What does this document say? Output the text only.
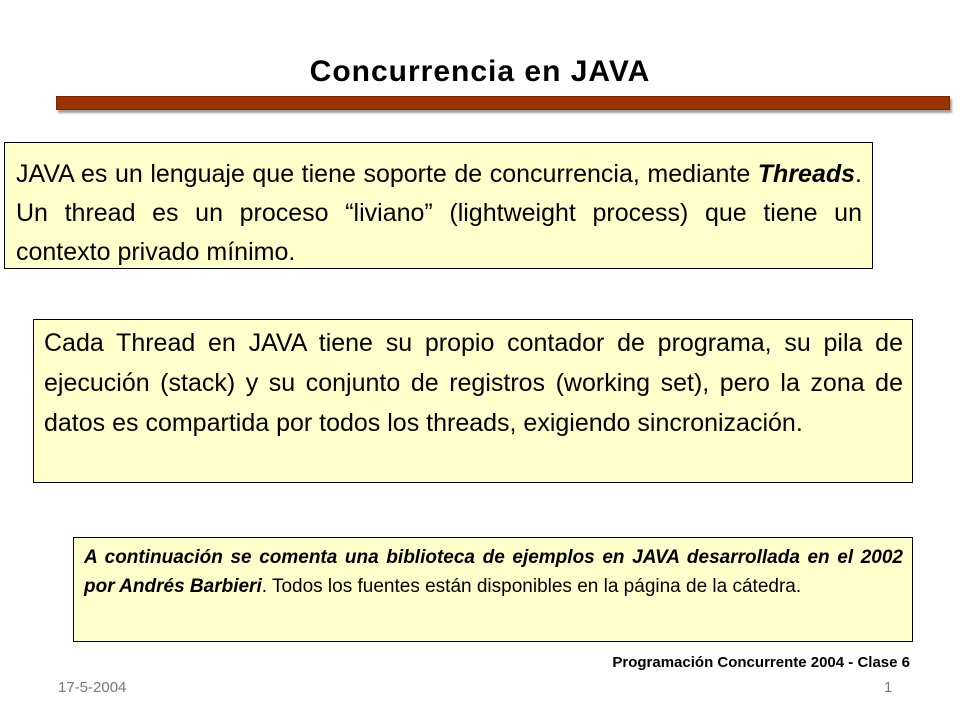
Concurrencia en JAVA
JAVA es un lenguaje que tiene soporte de concurrencia, mediante Threads. Un thread es un proceso “liviano” (lightweight process) que tiene un contexto privado mínimo.
Cada Thread en JAVA tiene su propio contador de programa, su pila de ejecución (stack) y su conjunto de registros (working set), pero la zona de datos es compartida por todos los threads, exigiendo sincronización.
A continuación se comenta una biblioteca de ejemplos en JAVA desarrollada en el 2002 por Andrés Barbieri. Todos los fuentes están disponibles en la página de la cátedra.
Programación Concurrente 2004 - Clase 6
17-5-2004	1
